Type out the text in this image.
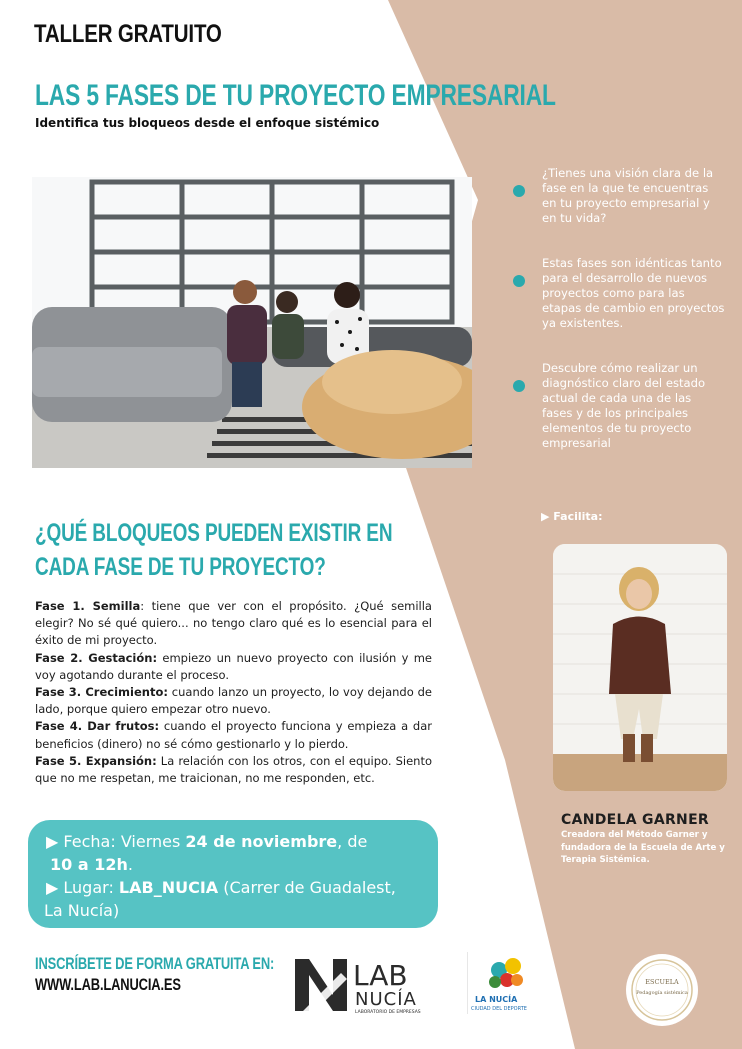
TALLER GRATUITO
LAS 5 FASES DE TU PROYECTO EMPRESARIAL
Identifica tus bloqueos desde el enfoque sistémico
¿Tienes una visión clara de la fase en la que te encuentras en tu proyecto empresarial y en tu vida?
Estas fases son idénticas tanto para el desarrollo de nuevos proyectos como para las etapas de cambio en proyectos ya existentes.
Descubre cómo realizar un diagnóstico claro del estado actual de cada una de las fases y de los principales elementos de tu proyecto empresarial
▶ Facilita:
¿QUÉ BLOQUEOS PUEDEN EXISTIR EN
CADA FASE DE TU PROYECTO?
Fase 1. Semilla: tiene que ver con el propósito. ¿Qué semilla elegir? No sé qué quiero... no tengo claro qué es lo esencial para el éxito de mi proyecto.
Fase 2. Gestación: empiezo un nuevo proyecto con ilusión y me voy agotando durante el proceso.
Fase 3. Crecimiento: cuando lanzo un proyecto, lo voy dejando de lado, porque quiero empezar otro nuevo.
Fase 4. Dar frutos: cuando el proyecto funciona y empieza a dar beneficios (dinero) no sé cómo gestionarlo y lo pierdo.
Fase 5. Expansión: La relación con los otros, con el equipo. Siento que no me respetan, me traicionan, no me responden, etc.
CANDELA GARNER
Creadora del Método Garner y fundadora de la Escuela de Arte y Terapia Sistémica.
▶ Fecha: Viernes 24 de noviembre, de
10 a 12h.
▶ Lugar: LAB_NUCIA (Carrer de Guadalest,
La Nucía)
INSCRÍBETE DE FORMA GRATUITA EN:
WWW.LAB.LANUCIA.ES	LAB
NUCÍA
LABORATORIO DE EMPRESAS
LA NUCÍA
CIUDAD DEL DEPORTE
ESCUELA
Pedagogía sistémica
